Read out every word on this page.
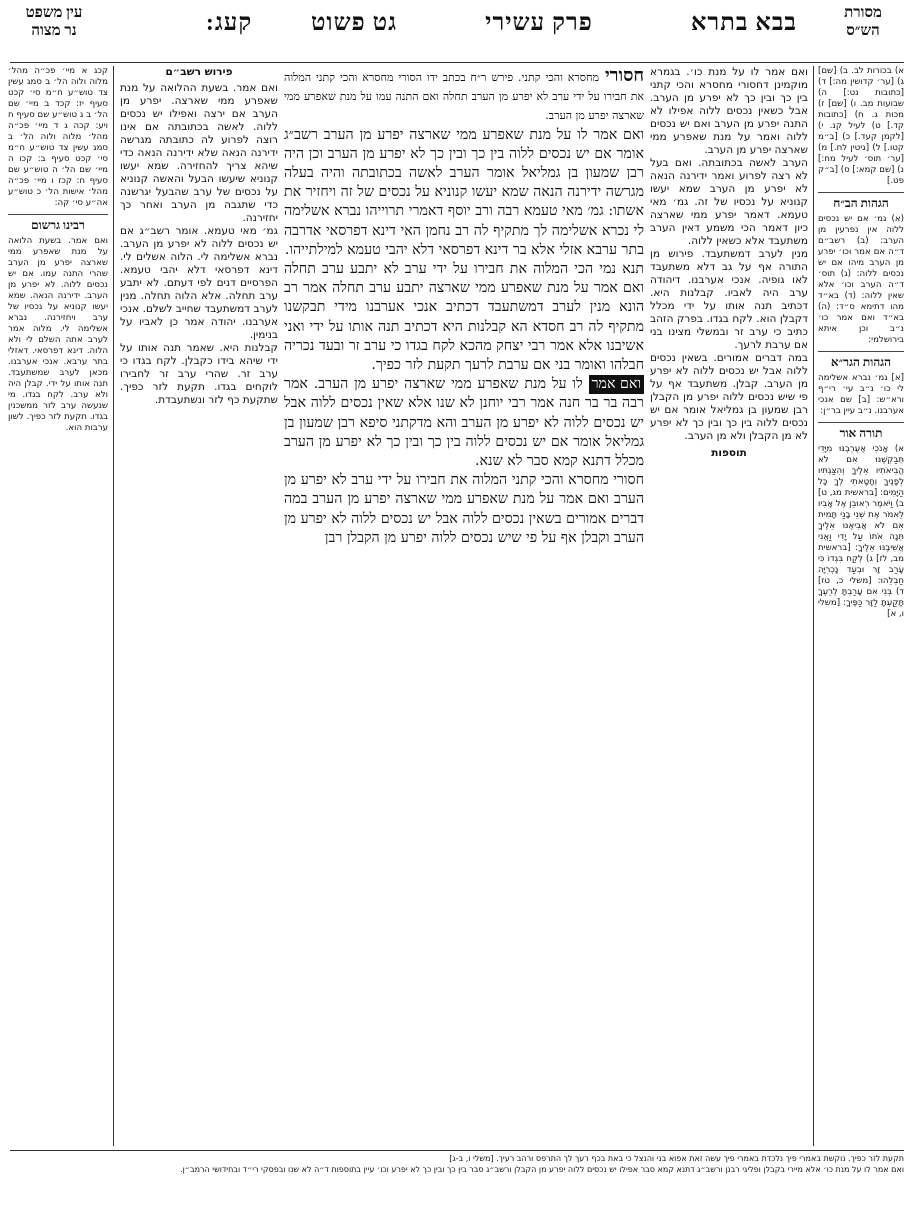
מסורת
הש״ס
בבא בתרא
פרק עשירי
גט פשוט
קעג:
עין משפט
נר מצוה

א) בכורות לב. ב) [שם] ג) [ער׳ קדושין מה:] ד) [כתובות נט:] ה) שבועות מב. ו) [שם] ז) מכות ג. ח) [כתובות קד.] ט) לעיל קנ. י) [לקמן קעד.] כ) [ב״מ קטו.] ל) [גיטין לח.] מ) [ער׳ תוס׳ לעיל מח:] נ) [שם קמא:] ס) [ב״ק פט.]

הגהות הב״ח

(א) גמ׳ אם יש נכסים ללוה אין נפרעין מן הערב: (ב) רשב״ם ד״ה אם אמר וכו׳ יפרע מן הערב מיהו אם יש נכסים ללוה: (ג) תוס׳ ד״ה הערב וכו׳ אלא שאין ללוה: (ד) בא״ד מהו דתימא ס״ד: (ה) בא״ד ואם אמר כו׳ נ״ב וכן איתא בירושלמי:

הגהות הגר״א

[א] גמ׳ נברא אשלימה לי כו׳ נ״ב עי׳ רי״ף ורא״ש: [ב] שם אנכי אערבנו. נ״ב עיין בר״ן:

תורה אור

א) אָנֹכִי אֶעֶרְבֶנּוּ מִיָּדִי תְּבַקְשֶׁנּוּ אִם לֹא הֲבִיאֹתִיו אֵלֶיךָ וְהִצַּגְתִּיו לְפָנֶיךָ וְחָטָאתִי לְךָ כָּל הַיָּמִים: [בראשית מג, ט] ב) וַיֹּאמֶר רְאוּבֵן אֶל אָבִיו לֵאמֹר אֶת שְׁנֵי בָנַי תָּמִית אִם לֹא אֲבִיאֶנּוּ אֵלֶיךָ תְּנָה אֹתוֹ עַל יָדִי וַאֲנִי אֲשִׁיבֶנּוּ אֵלֶיךָ: [בראשית מב, לז] ג) לְקַח בִּגְדוֹ כִּי עָרַב זָר וּבְעַד נָכְרִיָּה חַבְלֵהוּ: [משלי כ, טז] ד) בְּנִי אִם עָרַבְתָּ לְרֵעֶךָ תָּקַעְתָּ לַזָּר כַּפֶּיךָ: [משלי ו, א]

ואם אמר לו על מנת כו׳. בגמרא מוקמינן דחסורי מחסרא והכי קתני בין כך ובין כך לא יפרע מן הערב. אבל כשאין נכסים ללוה אפילו לא התנה יפרע מן הערב ואם יש נכסים ללוה ואמר על מנת שאפרע ממי שארצה יפרע מן הערב.

הערב לאשה בכתובתה. ואם בעל לא רצה לפרוע ואמר ידירנה הנאה לא יפרע מן הערב שמא יעשו קנוניא על נכסיו של זה. גמ׳ מאי טעמא. דאמר יפרע ממי שארצה כיון דאמר הכי משמע דאין הערב משתעבד אלא כשאין ללוה.

מנין לערב דמשתעבד. פירוש מן התורה אף על גב דלא משתעבד לאו גופיה. אנכי אערבנו. דיהודה ערב היה לאביו. קבלנות היא. דכתיב תנה אותו על ידי מכלל דקבלן הוא. לקח בגדו. בפרק הזהב כתיב כי ערב זר ובמשלי מצינו בני אם ערבת לרעך.

במה דברים אמורים. בשאין נכסים ללוה אבל יש נכסים ללוה לא יפרע מן הערב. קבלן. משתעבד אף על פי שיש נכסים ללוה יפרע מן הקבלן רבן שמעון בן גמליאל אומר אם יש נכסים ללוה בין כך ובין כך לא יפרע לא מן הקבלן ולא מן הערב.

תוספות

חסורי מחסרא והכי קתני. פירש ר״ח בכתב ידו הסורי מחסרא והכי קתני המלוה את חבירו על ידי ערב לא יפרע מן הערב תחלה ואם התנה עמו על מנת שאפרע ממי שארצה יפרע מן הערב.

ואם אמר לו על מנת שאפרע ממי שארצה יפרע מן הערב רשב״ג אומר אם יש נכסים ללוה בין כך ובין כך לא יפרע מן הערב וכן היה רבן שמעון בן גמליאל אומר הערב לאשה בכתובתה והיה בעלה מגרשה ידירנה הנאה שמא יעשו קנוניא על נכסים של זה ויחזיר את אשתו: גמ׳ מאי טעמא רבה ורב יוסף דאמרי תרוייהו נברא אשלימה לי נכרא אשלימה לך מתקיף לה רב נחמן האי דינא דפרסאי אדרבה בתר ערבא אזלי אלא בר דינא דפרסאי דלא יהבי טעמא למילתייהו.

תנא נמי הכי המלוה את חבירו על ידי ערב לא יתבע ערב תחלה ואם אמר על מנת שאפרע ממי שארצה יתבע ערב תחלה אמר רב הונא מנין לערב דמשתעבד דכתיב אנכי אערבנו מידי תבקשנו מתקיף לה רב חסדא הא קבלנות היא דכתיב תנה אותו על ידי ואני אשיבנו אלא אמר רבי יצחק מהכא לקח בגדו כי ערב זר ובעד נכריה חבלהו ואומר בני אם ערבת לרעך תקעת לזר כפיך.

ואם אמר לו על מנת שאפרע ממי שארצה יפרע מן הערב. אמר רבה בר בר חנה אמר רבי יוחנן לא שנו אלא שאין נכסים ללוה אבל יש נכסים ללוה לא יפרע מן הערב והא מדקתני סיפא רבן שמעון בן גמליאל אומר אם יש נכסים ללוה בין כך ובין כך לא יפרע מן הערב מכלל דתנא קמא סבר לא שנא.

חסורי מחסרא והכי קתני המלוה את חבירו על ידי ערב לא יפרע מן הערב ואם אמר על מנת שאפרע ממי שארצה יפרע מן הערב במה דברים אמורים בשאין נכסים ללוה אבל יש נכסים ללוה לא יפרע מן הערב וקבלן אף על פי שיש נכסים ללוה יפרע מן הקבלן רבן

פירוש רשב״ם

ואם אמר. בשעת ההלואה על מנת שאפרע ממי שארצה. יפרע מן הערב אם ירצה ואפילו יש נכסים ללוה. לאשה בכתובתה אם אינו רוצה לפרוע לה כתובתה מגרשה ידירנה הנאה שלא ידירנה הנאה כדי שיהא צריך להחזירה. שמא יעשו קנוניא שיעשו הבעל והאשה קנוניא על נכסים של ערב שהבעל יגרשנה כדי שתגבה מן הערב ואחר כך יחזירנה.

גמ׳ מאי טעמא. אומר רשב״ג אם יש נכסים ללוה לא יפרע מן הערב. נברא אשלימה לי. הלוה אשלים לי. דינא דפרסאי דלא יהבי טעמא. הפרסיים דנים לפי דעתם. לא יתבע ערב תחלה. אלא הלוה תחלה. מנין לערב דמשתעבד שחייב לשלם. אנכי אערבנו. יהודה אמר כן לאביו על בנימין.

קבלנות היא. שאמר תנה אותו על ידי שיהא בידו כקבלן. לקח בגדו כי ערב זר. שהרי ערב זר לחבירו לוקחים בגדו. תקעת לזר כפיך. שתקעת כף לזר ונשתעבדת.

קכג א מיי׳ פכ״ה מהל׳ מלוה ולוה הל׳ ב סמג עשין צד טוש״ע ח״מ סי׳ קכט סעיף יז: קכד ב מיי׳ שם הל׳ ב ג טוש״ע שם סעיף ח ויע: קכה ג ד מיי׳ פכ״ה מהל׳ מלוה ולוה הל׳ ב סמג עשין צד טוש״ע ח״מ סי׳ קכט סעיף ב: קכו ה מיי׳ שם הל׳ ה טוש״ע שם סעיף ח: קכז ו מיי׳ פכ״ה מהל׳ אישות הל׳ כ טוש״ע אה״ע סי׳ קה:

רבינו גרשום

ואם אמר. בשעת הלואה על מנת שאפרע ממי שארצה יפרע מן הערב שהרי התנה עמו. אם יש נכסים ללוה. לא יפרע מן הערב. ידירנה הנאה. שמא יעשו קנוניא על נכסיו של ערב ויחזירנה. נברא אשלימה לי. מלוה אמר לערב אתה השלם לי ולא הלוה. דינא דפרסאי. דאזלי בתר ערבא. אנכי אערבנו. מכאן לערב שמשתעבד. תנה אותו על ידי. קבלן היה ולא ערב. לקח בגדו. מי שנעשה ערב לזר ממשכנין בגדו. תקעת לזר כפיך. לשון ערבות הוא.

תקעת לזר כפיך. נוקשת באמרי פיך נלכדת באמרי פיך עשה זאת אפוא בני והנצל כי באת בכף רעך לך התרפס ורהב רעיך. [משלי ו, ב-ג]

ואם אמר לו על מנת כו׳ אלא מיירי בקבלן ופליגי רבנן ורשב״ג דתנא קמא סבר אפילו יש נכסים ללוה יפרע מן הקבלן ורשב״ג סבר בין כך ובין כך לא יפרע וכו׳ עיין בתוספות ד״ה לא שנו ובפסקי רי״ד ובחידושי הרמב״ן.
